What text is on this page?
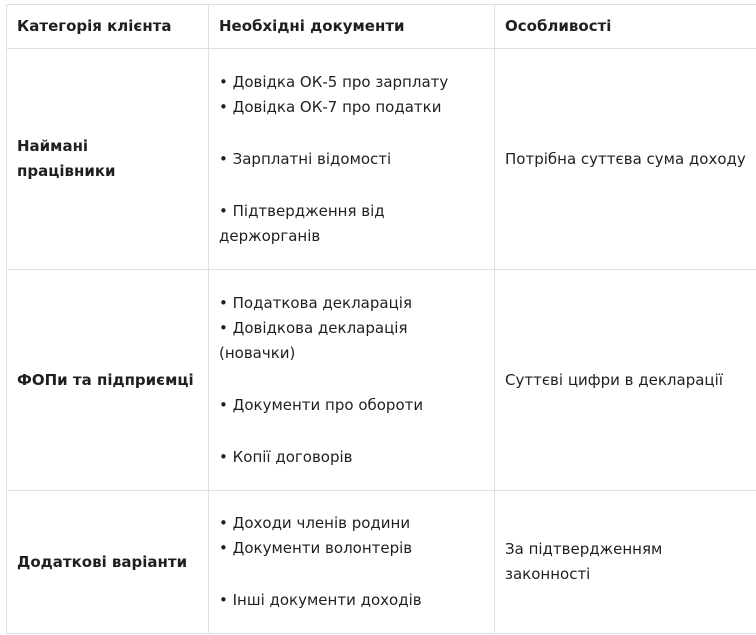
Категорія клієнта	Необхідні документи	Особливості

Наймані
працівники	• Довідка ОК-5 про зарплату
• Довідка ОК-7 про податки
• Зарплатні відомості
• Підтвердження від
держорганів	Потрібна суттєва сума доходу

ФОПи та підприємці	• Податкова декларація
• Довідкова декларація
(новачки)
• Документи про обороти
• Копії договорів	Суттєві цифри в декларації

Додаткові варіанти	• Доходи членів родини
• Документи волонтерів
• Інші документи доходів	За підтвердженням
законності
